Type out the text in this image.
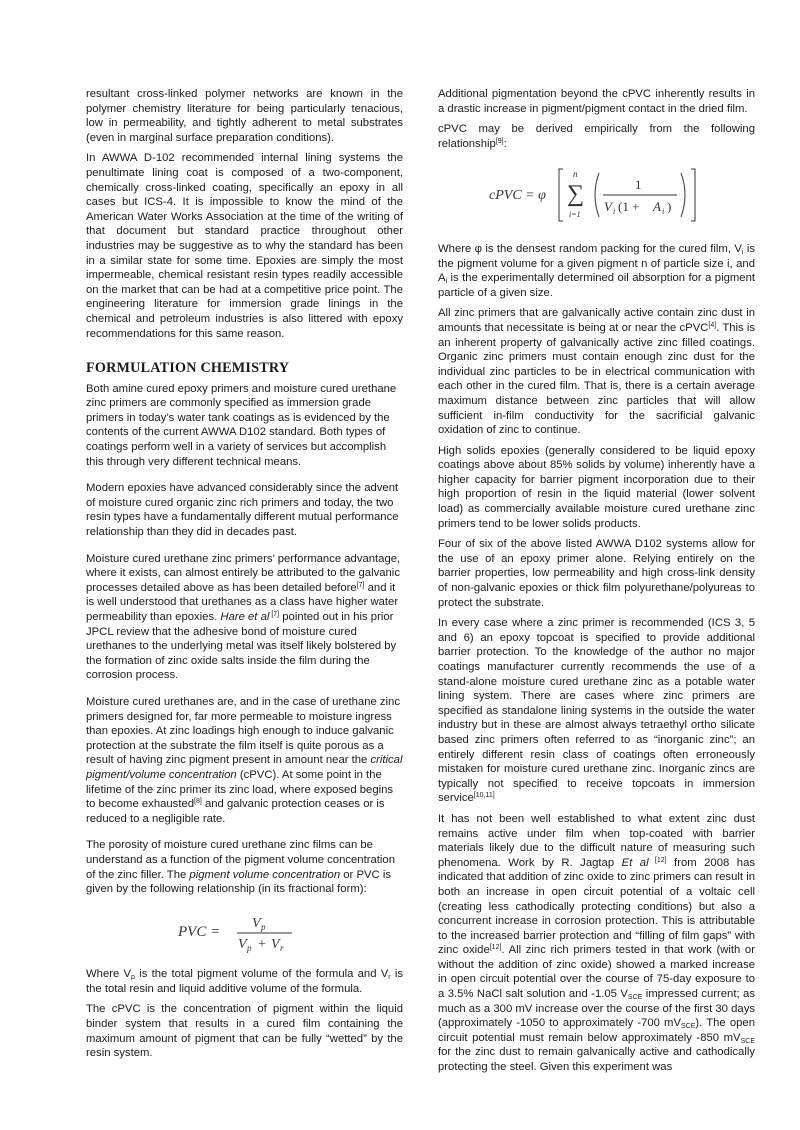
resultant cross-linked polymer networks are known in the polymer chemistry literature for being particularly tenacious, low in permeability, and tightly adherent to metal substrates (even in marginal surface preparation conditions).

In AWWA D-102 recommended internal lining systems the penultimate lining coat is composed of a two-component, chemically cross-linked coating, specifically an epoxy in all cases but ICS-4. It is impossible to know the mind of the American Water Works Association at the time of the writing of that document but standard practice throughout other industries may be suggestive as to why the standard has been in a similar state for some time. Epoxies are simply the most impermeable, chemical resistant resin types readily accessible on the market that can be had at a competitive price point. The engineering literature for immersion grade linings in the chemical and petroleum industries is also littered with epoxy recommendations for this same reason.

FORMULATION CHEMISTRY

Both amine cured epoxy primers and moisture cured urethane zinc primers are commonly specified as immersion grade primers in today’s water tank coatings as is evidenced by the contents of the current AWWA D102 standard. Both types of coatings perform well in a variety of services but accomplish this through very different technical means.

Modern epoxies have advanced considerably since the advent of moisture cured organic zinc rich primers and today, the two resin types have a fundamentally different mutual performance relationship than they did in decades past.

Moisture cured urethane zinc primers’ performance advantage, where it exists, can almost entirely be attributed to the galvanic processes detailed above as has been detailed before[7] and it is well understood that urethanes as a class have higher water permeability than epoxies. Hare et al [7] pointed out in his prior JPCL review that the adhesive bond of moisture cured urethanes to the underlying metal was itself likely bolstered by the formation of zinc oxide salts inside the film during the corrosion process.

Moisture cured urethanes are, and in the case of urethane zinc primers designed for, far more permeable to moisture ingress than epoxies. At zinc loadings high enough to induce galvanic protection at the substrate the film itself is quite porous as a result of having zinc pigment present in amount near the critical pigment/volume concentration (cPVC). At some point in the lifetime of the zinc primer its zinc load, where exposed begins to become exhausted[8] and galvanic protection ceases or is reduced to a negligible rate.

The porosity of moisture cured urethane zinc films can be understand as a function of the pigment volume concentration of the zinc filler. The pigment volume concentration or PVC is given by the following relationship (in its fractional form):

PVC =
V p
V p + V r

Where $V_p$ is the total pigment volume of the formula and $V_r$ is the total resin and liquid additive volume of the formula.

The cPVC is the concentration of pigment within the liquid binder system that results in a cured film containing the maximum amount of pigment that can be fully “wetted” by the resin system.

Additional pigmentation beyond the cPVC inherently results in a drastic increase in pigment/pigment contact in the dried film.

cPVC may be derived empirically from the following relationship[9]:

cPVC = φ
n
∑
i=1
1
V i (1 + A i )

Where φ is the densest random packing for the cured film, $V_i$ is the pigment volume for a given pigment n of particle size i, and $A_i$ is the experimentally determined oil absorption for a pigment particle of a given size.

All zinc primers that are galvanically active contain zinc dust in amounts that necessitate is being at or near the cPVC[4]. This is an inherent property of galvanically active zinc filled coatings. Organic zinc primers must contain enough zinc dust for the individual zinc particles to be in electrical communication with each other in the cured film. That is, there is a certain average maximum distance between zinc particles that will allow sufficient in-film conductivity for the sacrificial galvanic oxidation of zinc to continue.

High solids epoxies (generally considered to be liquid epoxy coatings above about 85% solids by volume) inherently have a higher capacity for barrier pigment incorporation due to their high proportion of resin in the liquid material (lower solvent load) as commercially available moisture cured urethane zinc primers tend to be lower solids products.

Four of six of the above listed AWWA D102 systems allow for the use of an epoxy primer alone. Relying entirely on the barrier properties, low permeability and high cross-link density of non-galvanic epoxies or thick film polyurethane/polyureas to protect the substrate.

In every case where a zinc primer is recommended (ICS 3, 5 and 6) an epoxy topcoat is specified to provide additional barrier protection. To the knowledge of the author no major coatings manufacturer currently recommends the use of a stand-alone moisture cured urethane zinc as a potable water lining system. There are cases where zinc primers are specified as standalone lining systems in the outside the water industry but in these are almost always tetraethyl ortho silicate based zinc primers often referred to as “inorganic zinc”; an entirely different resin class of coatings often erroneously mistaken for moisture cured urethane zinc. Inorganic zincs are typically not specified to receive topcoats in immersion service[10,11]

It has not been well established to what extent zinc dust remains active under film when top-coated with barrier materials likely due to the difficult nature of measuring such phenomena. Work by R. Jagtap Et al [12] from 2008 has indicated that addition of zinc oxide to zinc primers can result in both an increase in open circuit potential of a voltaic cell (creating less cathodically protecting conditions) but also a concurrent increase in corrosion protection. This is attributable to the increased barrier protection and “filling of film gaps” with zinc oxide[12]. All zinc rich primers tested in that work (with or without the addition of zinc oxide) showed a marked increase in open circuit potential over the course of 75-day exposure to a 3.5% NaCl salt solution and -1.05 $V_{SCE}$ impressed current; as much as a 300 mV increase over the course of the first 30 days (approximately -1050 to approximately -700 $mV_{SCE}$). The open circuit potential must remain below approximately -850 $mV_{SCE}$ for the zinc dust to remain galvanically active and cathodically protecting the steel. Given this experiment was
